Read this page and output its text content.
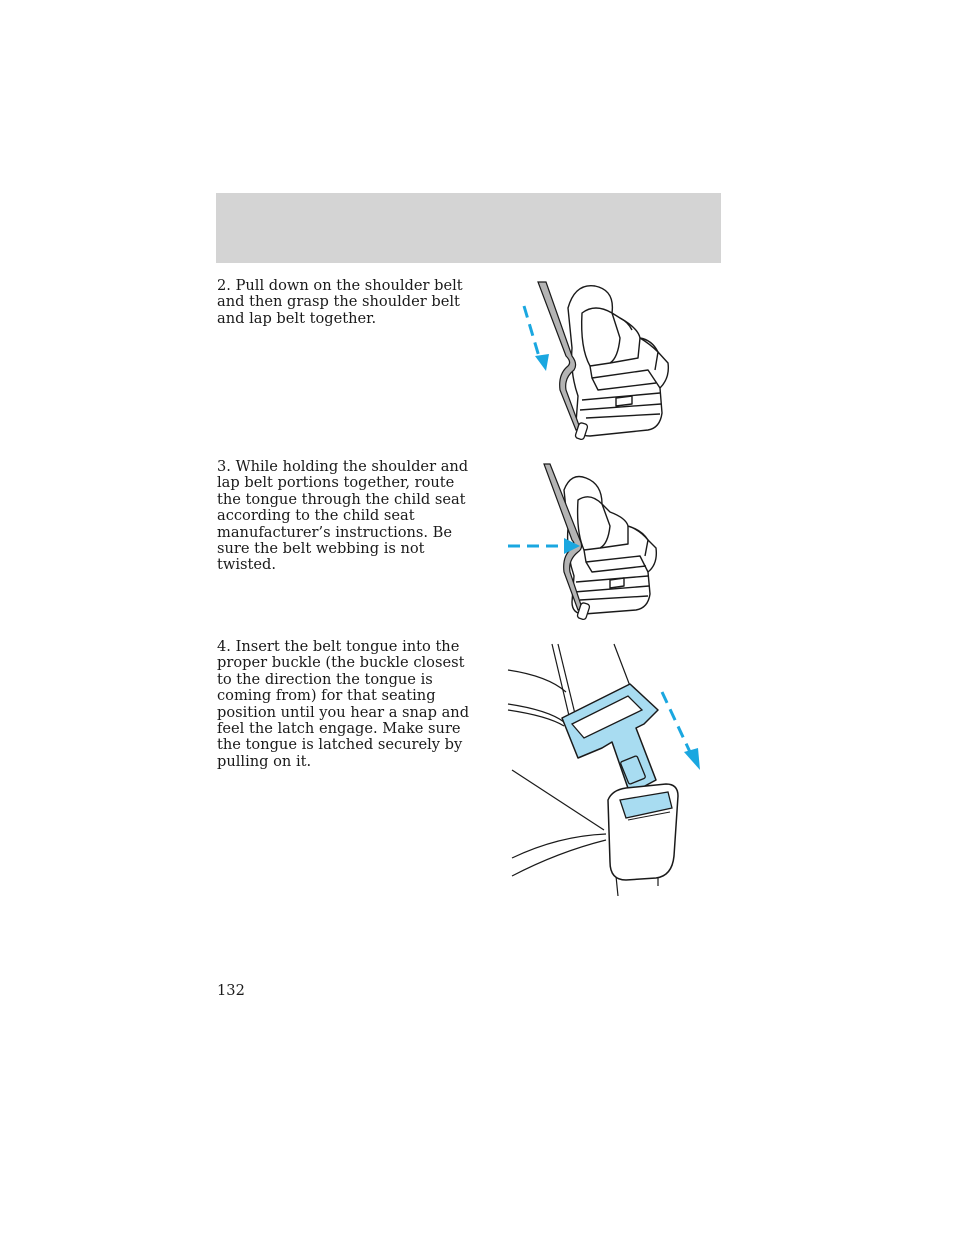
2. Pull down on the shoulder belt and then grasp the shoulder belt and lap belt together.

3. While holding the shoulder and lap belt portions together, route the tongue through the child seat according to the child seat manufacturer’s instructions. Be sure the belt webbing is not twisted.

4. Insert the belt tongue into the proper buckle (the buckle closest to the direction the tongue is coming from) for that seating position until you hear a snap and feel the latch engage. Make sure the tongue is latched securely by pulling on it.

132
